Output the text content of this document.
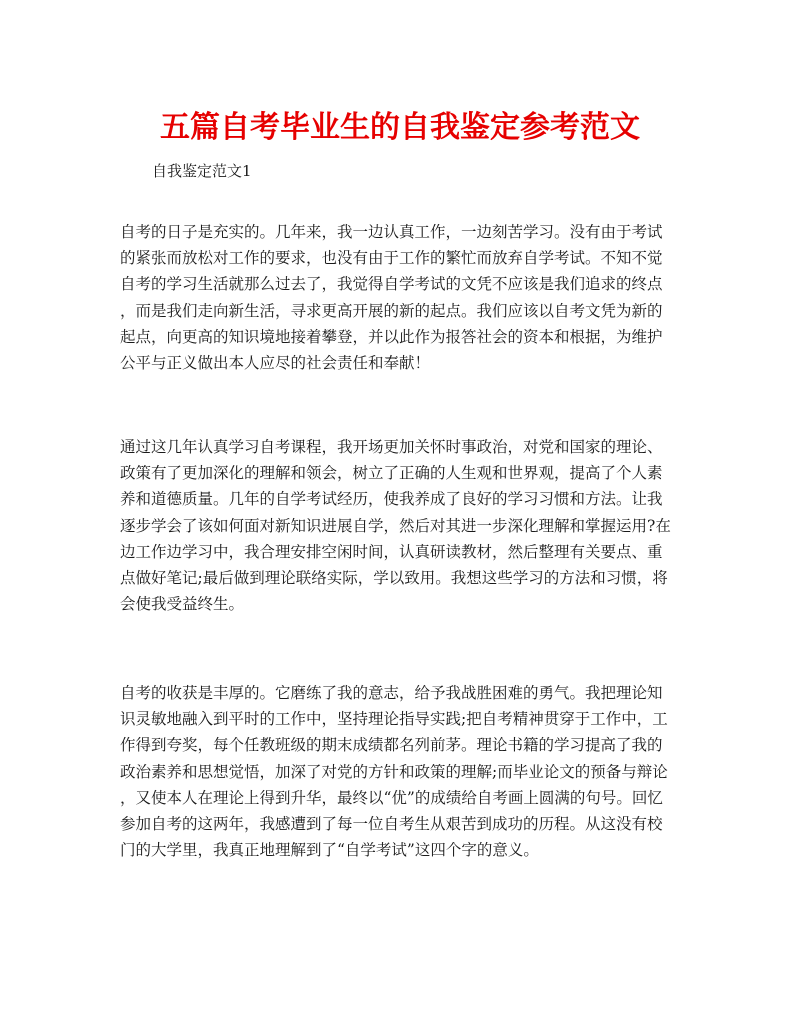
五篇自考毕业生的自我鉴定参考范文

自我鉴定范文1

自考的日子是充实的。几年来，我一边认真工作，一边刻苦学习。没有由于考试
的紧张而放松对工作的要求，也没有由于工作的繁忙而放弃自学考试。不知不觉
自考的学习生活就那么过去了，我觉得自学考试的文凭不应该是我们追求的终点
，而是我们走向新生活，寻求更高开展的新的起点。我们应该以自考文凭为新的
起点，向更高的知识境地接着攀登，并以此作为报答社会的资本和根据，为维护
公平与正义做出本人应尽的社会责任和奉献！
通过这几年认真学习自考课程，我开场更加关怀时事政治，对党和国家的理论、
政策有了更加深化的理解和领会，树立了正确的人生观和世界观，提高了个人素
养和道德质量。几年的自学考试经历，使我养成了良好的学习习惯和方法。让我
逐步学会了该如何面对新知识进展自学，然后对其进一步深化理解和掌握运用?在
边工作边学习中，我合理安排空闲时间，认真研读教材，然后整理有关要点、重
点做好笔记;最后做到理论联络实际，学以致用。我想这些学习的方法和习惯，将
会使我受益终生。
自考的收获是丰厚的。它磨练了我的意志，给予我战胜困难的勇气。我把理论知
识灵敏地融入到平时的工作中，坚持理论指导实践;把自考精神贯穿于工作中，工
作得到夸奖，每个任教班级的期末成绩都名列前茅。理论书籍的学习提高了我的
政治素养和思想觉悟，加深了对党的方针和政策的理解;而毕业论文的预备与辩论
，又使本人在理论上得到升华，最终以“优”的成绩给自考画上圆满的句号。回忆
参加自考的这两年，我感遭到了每一位自考生从艰苦到成功的历程。从这没有校
门的大学里，我真正地理解到了“自学考试”这四个字的意义。
